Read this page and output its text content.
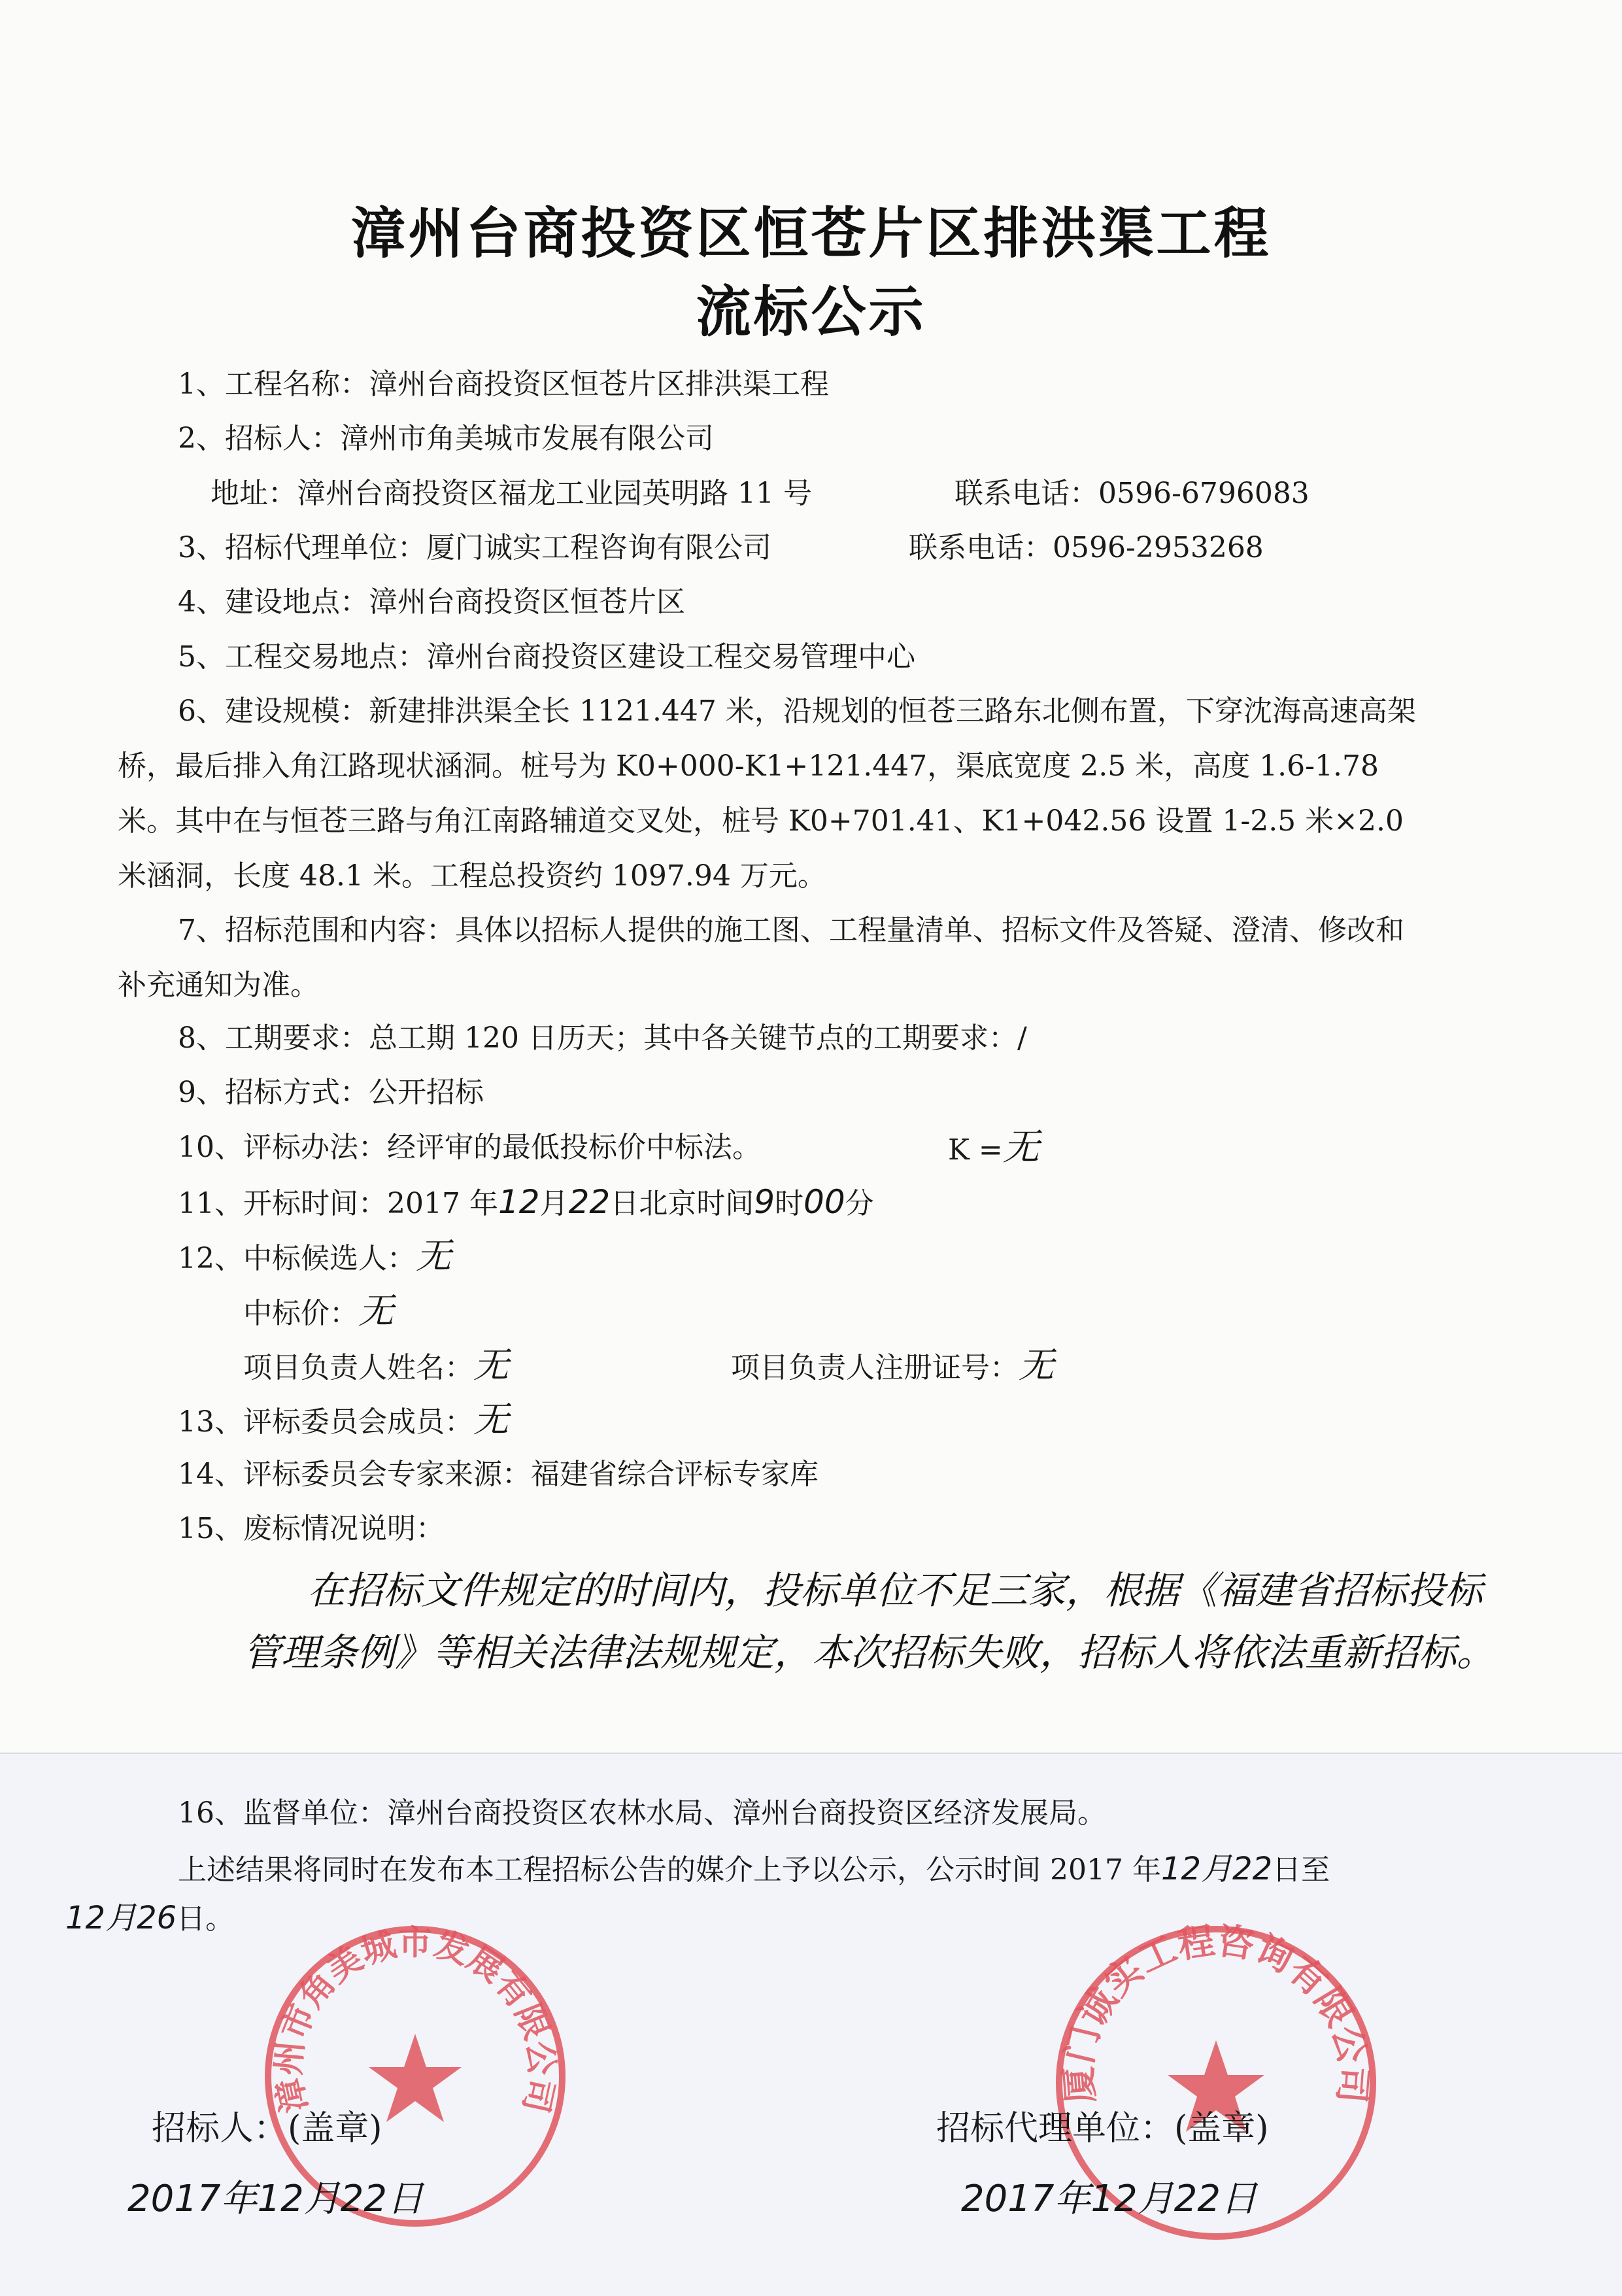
漳州台商投资区恒苍片区排洪渠工程
流标公示
1、工程名称：漳州台商投资区恒苍片区排洪渠工程
2、招标人：漳州市角美城市发展有限公司
地址：漳州台商投资区福龙工业园英明路 11 号	联系电话：0596-6796083
3、招标代理单位：厦门诚实工程咨询有限公司	联系电话：0596-2953268
4、建设地点：漳州台商投资区恒苍片区
5、工程交易地点：漳州台商投资区建设工程交易管理中心
6、建设规模：新建排洪渠全长 1121.447 米，沿规划的恒苍三路东北侧布置，下穿沈海高速高架桥，最后排入角江路现状涵洞。桩号为 K0+000-K1+121.447，渠底宽度 2.5 米，高度 1.6-1.78 米。其中在与恒苍三路与角江南路辅道交叉处，桩号 K0+701.41、K1+042.56 设置 1-2.5 米×2.0 米涵洞，长度 48.1 米。工程总投资约 1097.94 万元。
7、招标范围和内容：具体以招标人提供的施工图、工程量清单、招标文件及答疑、澄清、修改和补充通知为准。
8、工期要求：总工期 120 日历天；其中各关键节点的工期要求：/
9、招标方式：公开招标
10、评标办法：经评审的最低投标价中标法。	K =无
11、开标时间：2017 年12月22日北京时间9时00分
12、中标候选人：无
中标价：无
项目负责人姓名：无	项目负责人注册证号：无
13、评标委员会成员：无
14、评标委员会专家来源：福建省综合评标专家库
15、废标情况说明：
在招标文件规定的时间内，投标单位不足三家，根据《福建省招标投标
管理条例》等相关法律法规规定，本次招标失败，招标人将依法重新招标。
16、监督单位：漳州台商投资区农林水局、漳州台商投资区经济发展局。
上述结果将同时在发布本工程招标公告的媒介上予以公示，公示时间 2017 年12月22日至
12月26日。
漳州市角美城市发展有限公司	厦门诚实工程咨询有限公司
招标人：(盖章)	招标代理单位：(盖章)
2017年12月22日	2017年12月22日
